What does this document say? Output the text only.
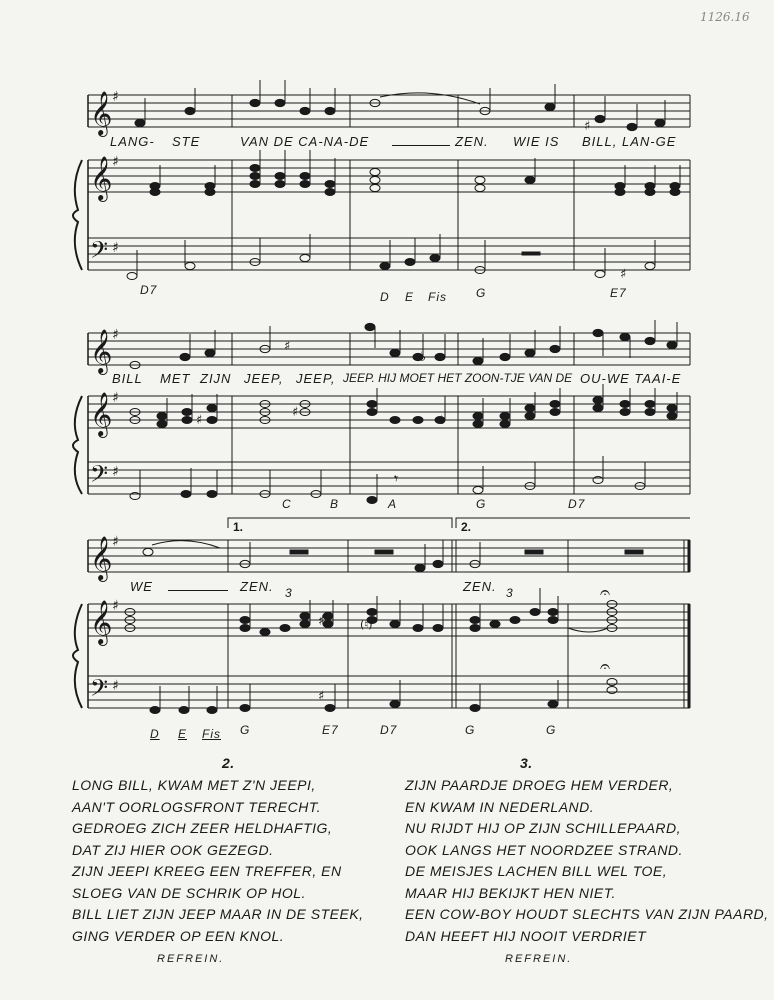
1126.16
𝄞
𝄞
𝄢
𝄞
𝄞
𝄢
𝄞
𝄞
𝄢
♯
♯
♯
♯
♯
♯
♯
♯
♯
𝄐
𝄐
♯
♯
♯
♯
♯
♯
♯
♭
♭
(♮)
𝄾
𝄾
LANG- STE	VAN DE CA-NA-DE	ZEN. WIE IS BILL, LAN-GE
D7	D E Fis G	E7
BILL MET ZIJN JEEP, JEEP, JEEP. HIJ MOET HET ZOON-TJE VAN DE OU-WE TAAI-E
C	B	A	G	D7
1.	2.
3	3
WE	ZEN.	ZEN.
D E Fis G	E7	D7	G	G
2.
LONG BILL, KWAM MET Z'N JEEPI,
AAN'T OORLOGSFRONT TERECHT.
GEDROEG ZICH ZEER HELDHAFTIG,
DAT ZIJ HIER OOK GEZEGD.
ZIJN JEEPI KREEG EEN TREFFER, EN
SLOEG VAN DE SCHRIK OP HOL.
BILL LIET ZIJN JEEP MAAR IN DE STEEK,
GING VERDER OP EEN KNOL.
REFREIN.
3.
ZIJN PAARDJE DROEG HEM VERDER,
EN KWAM IN NEDERLAND.
NU RIJDT HIJ OP ZIJN SCHILLEPAARD,
OOK LANGS HET NOORDZEE STRAND.
DE MEISJES LACHEN BILL WEL TOE,
MAAR HIJ BEKIJKT HEN NIET.
EEN COW-BOY HOUDT SLECHTS VAN ZIJN PAARD,
DAN HEEFT HIJ NOOIT VERDRIET
REFREIN.
